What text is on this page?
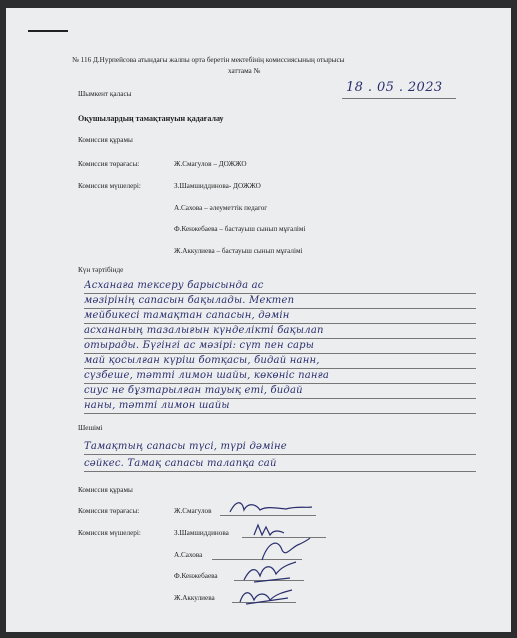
№ 116 Д.Нурпейсова атындағы жалпы орта беретін мектебінің комиссиясының отырысы
хаттама №
Шымкент қаласы	18 . 05 . 2023
Оқушылардың тамақтануын қадағалау
Комиссия құрамы
Комиссия төрағасы:	Ж.Смагулов – ДОЖЖО
Комиссия мүшелері:	З.Шамшиддинова- ДОЖЖО
А.Сахова – әлеуметтік педагог
Ф.Кенжебаева – бастауыш сынып мұғалімі
Ж.Аккулиева – бастауыш сынып мұғалімі
Күн тәртібінде
Асханаға тексеру барысында ас
мәзірінің сапасын бақылады. Мектеп
мейбикесі тамақтан сапасын, дәмін
асхананың тазалығын күнделікті бақылап
отырады. Бүгінгі ас мәзірі: сүт пен сары
май қосылған күріш ботқасы, бидай нанн,
сүзбеше, тәтті лимон шайы, көкөніс панға
сиус не бұзтарылған тауық еті, бидай
наны, тәтті лимон шайы
Шешімі
Тамақтың сапасы түсі, түрі дәмінe
сәйкес. Тамақ сапасы талапқа сай
Комиссия құрамы
Комиссия төрағасы:	Ж.Смагулов
Комиссия мүшелері:	З.Шамшиддинова
А.Сахова
Ф.Кенжебаева
Ж.Аккулиева
